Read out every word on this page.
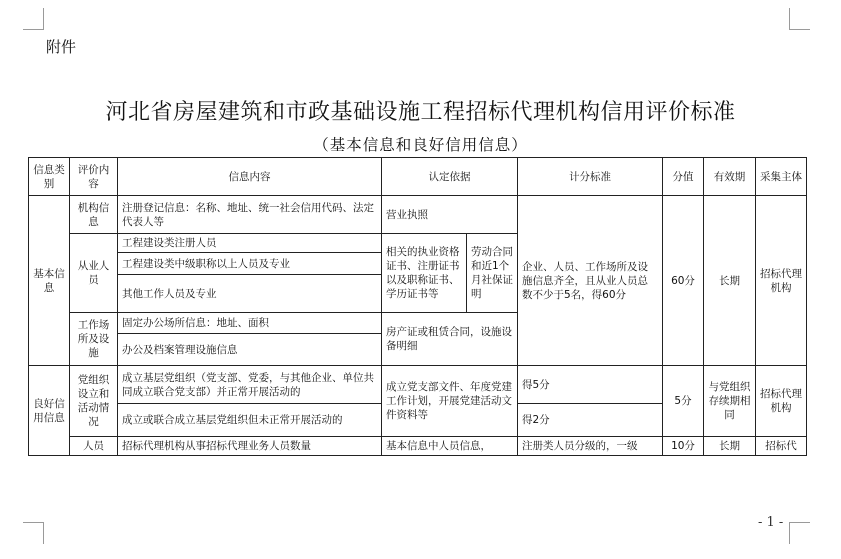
附件
河北省房屋建筑和市政基础设施工程招标代理机构信用评价标准
（基本信息和良好信用信息）
信息类别	评价内容	信息内容	认定依据		计分标准	分值	有效期	采集主体
基本信息	机构信息	注册登记信息：名称、地址、统一社会信用代码、法定代表人等	营业执照		企业、人员、工作场所及设施信息齐全，且从业人员总数不少于5名，得60分	60分	长期	招标代理机构
	从业人员	工程建设类注册人员	相关的执业资格证书、注册证书以及职称证书、学历证书等	劳动合同和近1个月社保证明				
		工程建设类中级职称以上人员及专业						
		其他工作人员及专业						
	工作场所及设施	固定办公场所信息：地址、面积	房产证或租赁合同，设施设备明细					
		办公及档案管理设施信息						

良好信用信息	党组织设立和活动情况	成立基层党组织（党支部、党委，与其他企业、单位共同成立联合党支部）并正常开展活动的	成立党支部文件、年度党建工作计划，开展党建活动文件资料等		得5分	5分	与党组织存续期相同	招标代理机构
		成立或联合成立基层党组织但未正常开展活动的			得2分			
	人员	招标代理机构从事招标代理业务人员数量	基本信息中人员信息，		注册类人员分级的，一级	10分	长期	招标代
- 1 -
